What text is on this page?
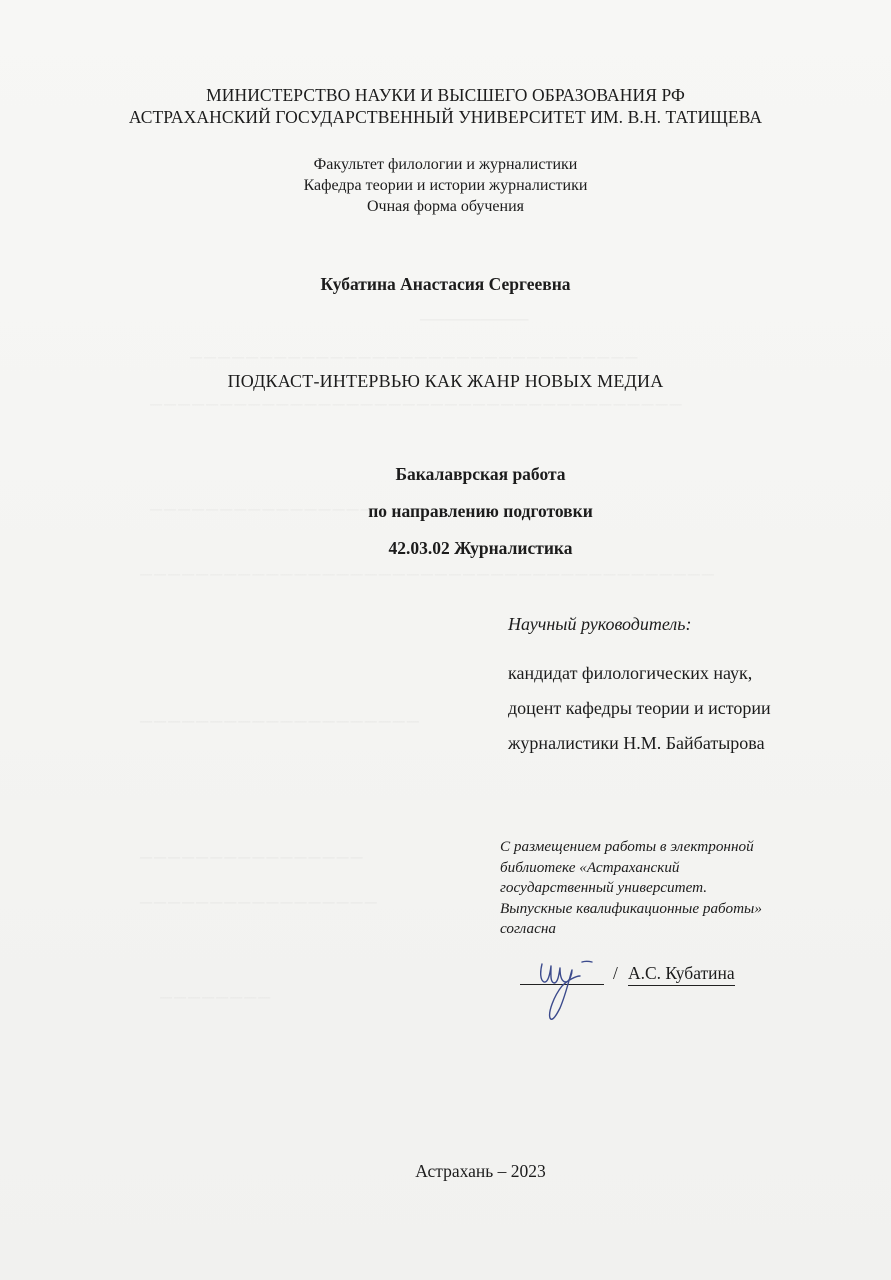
МИНИСТЕРСТВО НАУКИ И ВЫСШЕГО ОБРАЗОВАНИЯ РФ
АСТРАХАНСКИЙ ГОСУДАРСТВЕННЫЙ УНИВЕРСИТЕТ ИМ. В.Н. ТАТИЩЕВА
Факультет филологии и журналистики
Кафедра теории и истории журналистики
Очная форма обучения
Кубатина Анастасия Сергеевна
ПОДКАСТ-ИНТЕРВЬЮ КАК ЖАНР НОВЫХ МЕДИА
Бакалаврская работа
по направлению подготовки
42.03.02 Журналистика
Научный руководитель:
кандидат филологических наук,
доцент кафедры теории и истории
журналистики Н.М. Байбатырова
С размещением работы в электронной
библиотеке «Астраханский
государственный университет.
Выпускные квалификационные работы»
согласна
/ А.С. Кубатина
Астрахань – 2023
